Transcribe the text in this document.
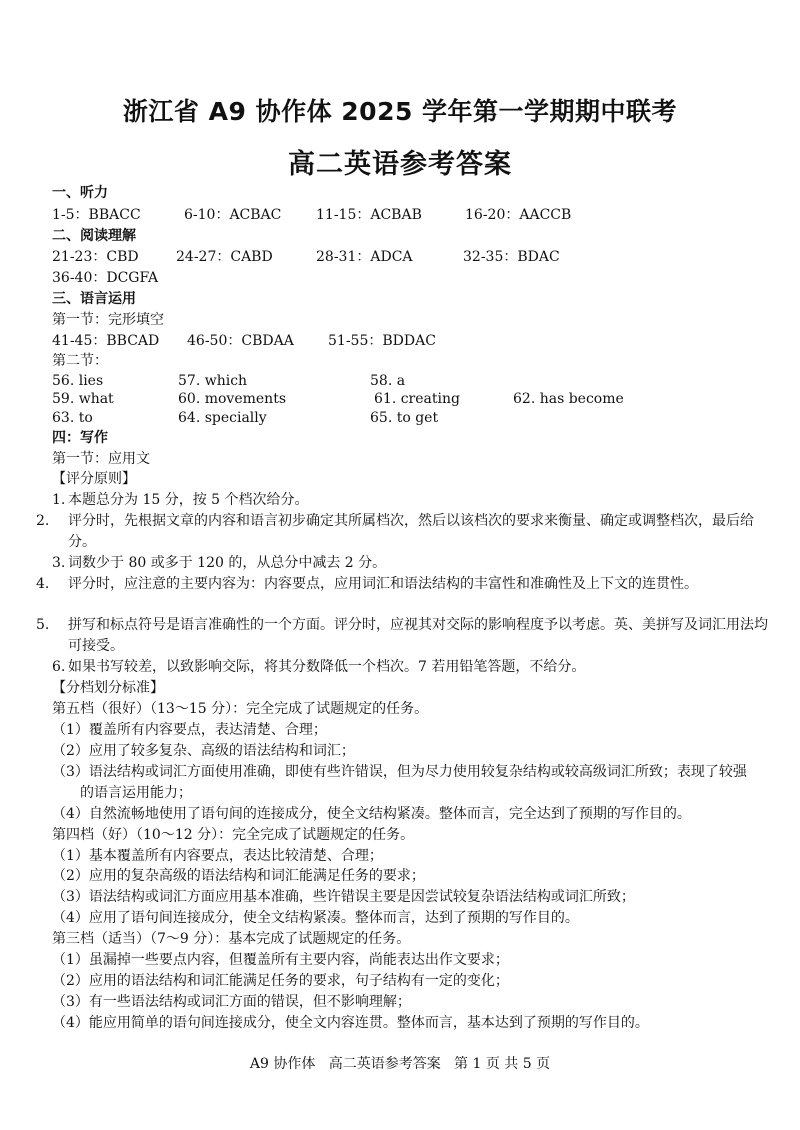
浙江省 A9 协作体 2025 学年第一学期期中联考
高二英语参考答案
一、听力
1-5：BBACC	6-10：ACBAC 11-15：ACBAB	16-20：AACCB
二、阅读理解
21-23：CBD	24-27：CABD	28-31：ADCA	32-35：BDAC
36-40：DCGFA
三、语言运用
第一节：完形填空
41-45：BBCAD 46-50：CBDAA 51-55：BDDAC
第二节：
56. lies	57. which	58. a
59. what	60. movements	61. creating	62. has become
63. to	64. specially	65. to get
四：写作
第一节：应用文
【评分原则】
1. 本题总分为 15 分，按 5 个档次给分。
2. 评分时，先根据文章的内容和语言初步确定其所属档次，然后以该档次的要求来衡量、确定或调整档次，最后给分。
3. 词数少于 80 或多于 120 的，从总分中减去 2 分。
4. 评分时，应注意的主要内容为：内容要点，应用词汇和语法结构的丰富性和准确性及上下文的连贯性。
5. 拼写和标点符号是语言准确性的一个方面。评分时，应视其对交际的影响程度予以考虑。英、美拼写及词汇用法均可接受。
6. 如果书写较差，以致影响交际，将其分数降低一个档次。7 若用铅笔答题，不给分。
【分档划分标准】
第五档（很好）（13～15 分）：完全完成了试题规定的任务。
（1）覆盖所有内容要点，表达清楚、合理；
（2）应用了较多复杂、高级的语法结构和词汇；
（3）语法结构或词汇方面使用准确，即使有些许错误，但为尽力使用较复杂结构或较高级词汇所致；表现了较强的语言运用能力；
（4）自然流畅地使用了语句间的连接成分，使全文结构紧凑。整体而言，完全达到了预期的写作目的。
第四档（好）（10～12 分）：完全完成了试题规定的任务。
（1）基本覆盖所有内容要点，表达比较清楚、合理；
（2）应用的复杂高级的语法结构和词汇能满足任务的要求；
（3）语法结构或词汇方面应用基本准确，些许错误主要是因尝试较复杂语法结构或词汇所致；
（4）应用了语句间连接成分，使全文结构紧凑。整体而言，达到了预期的写作目的。
第三档（适当）（7～9 分）：基本完成了试题规定的任务。
（1）虽漏掉一些要点内容，但覆盖所有主要内容，尚能表达出作文要求；
（2）应用的语法结构和词汇能满足任务的要求，句子结构有一定的变化；
（3）有一些语法结构或词汇方面的错误，但不影响理解；
（4）能应用简单的语句间连接成分，使全文内容连贯。整体而言，基本达到了预期的写作目的。
A9 协作体   高二英语参考答案   第 1 页 共 5 页
